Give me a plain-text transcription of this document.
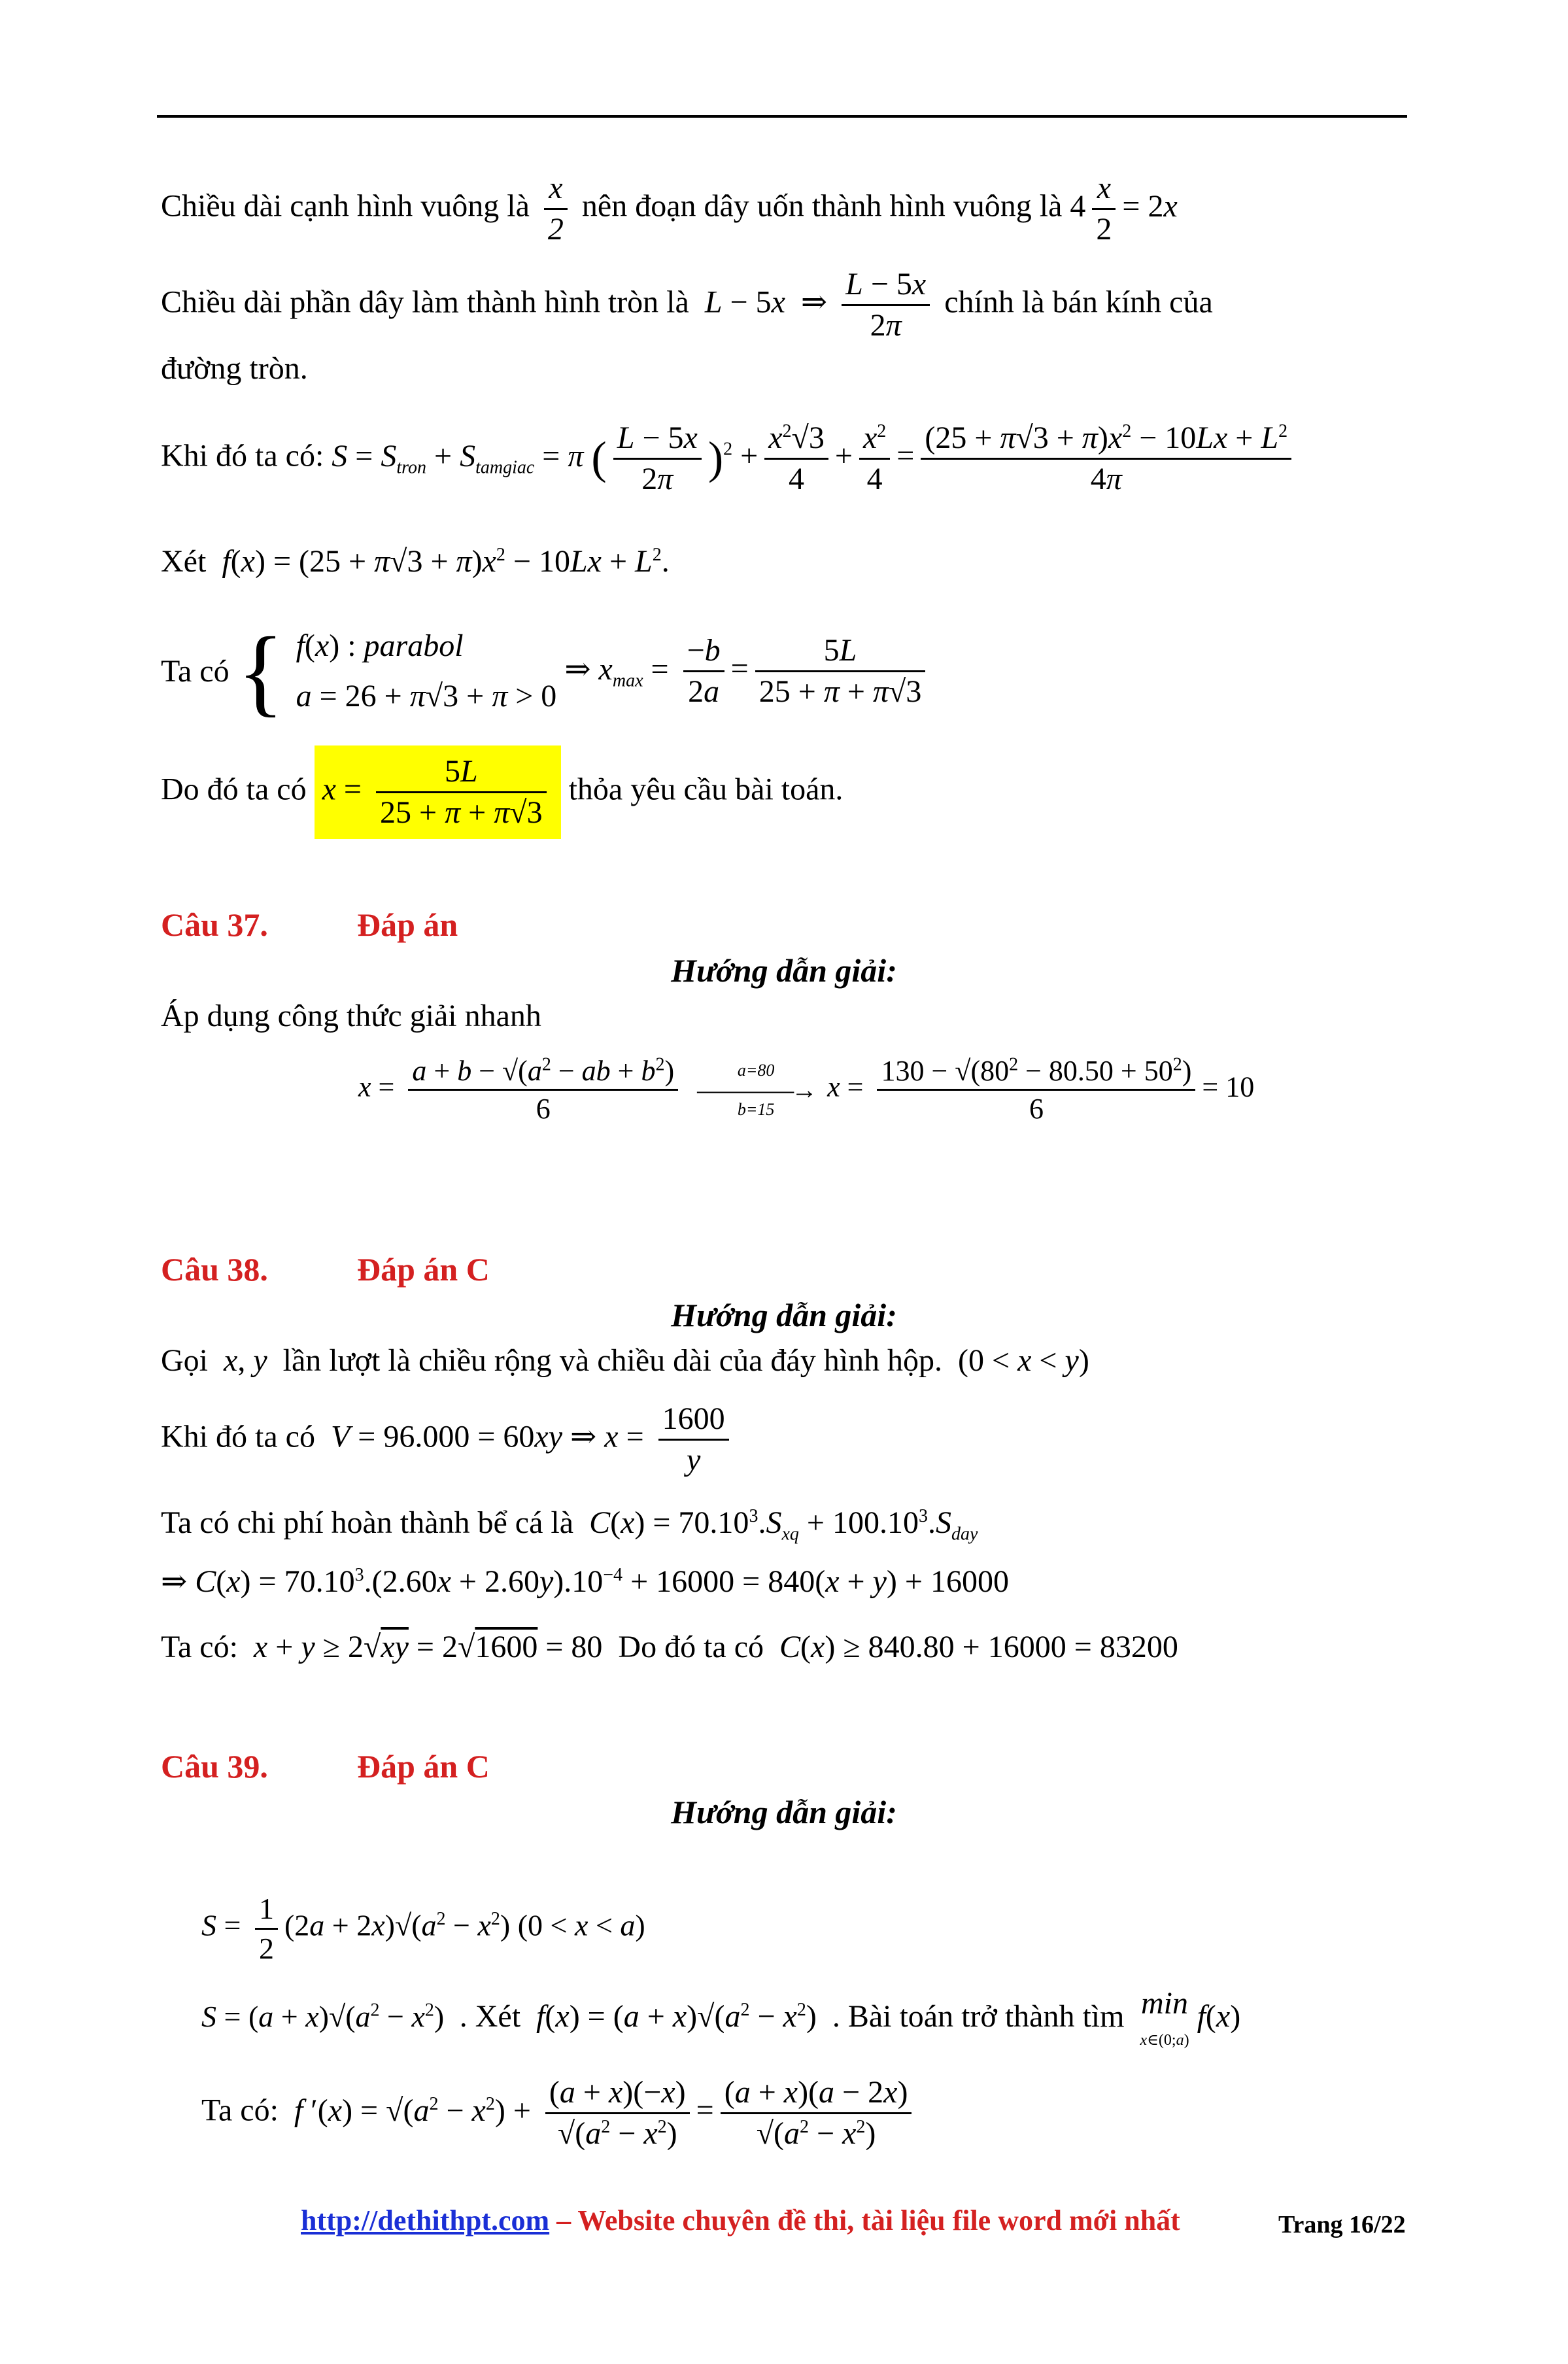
Chiều dài cạnh hình vuông là $\frac{x}{2}$ nên đoạn dây uốn thành hình vuông là $4 \frac{x}{2} = 2x$
Chiều dài phần dây làm thành hình tròn là L − 5x  ⇒ $\frac{L - 5x}{2\pi}$ chính là bán kính của
đường tròn.
Khi đó ta có: $S = S_{tron} + S_{tamgiac} = \pi$ ( $\frac{L - 5x}{2\pi} )^2 + \frac{x^2√3}{4} + \frac{x^2}{4} = \frac{(25 + \pi√3 + \pi)x^2 - 10Lx + L^2}{4\pi}$
Xét $f(x) = (25 + \pi√3 + \pi)x^2 - 10Lx + L^2$.
Ta có { f(x) : parabol
a = 26 + π√3 + π > 0
⇒ $x_{max} = \frac{-b}{2a} = \frac{5L}{25 + \pi + \pi√3}$
Do đó ta có $x = \frac{5L}{25 + \pi + \pi√3}$ thỏa yêu cầu bài toán.
Câu 37.	Đáp án
Hướng dẫn giải:
Áp dụng công thức giải nhanh
$x = \frac{a + b - √(a^2 - ab + b^2)}{6}$
	a=80
————→
b=15
$x = \frac{130 - √(80^2 - 80.50 + 50^2)}{6} = 10$
Câu 38.	Đáp án C
Hướng dẫn giải:
Gọi x, y lần lượt là chiều rộng và chiều dài của đáy hình hộp.  (0 < x < y)
Khi đó ta có V = 96.000 = 60xy ⇒ $x = \frac{1600}{y}$
Ta có chi phí hoàn thành bể cá là $C(x) = 70.10^3.S_{xq} + 100.10^3.S_{day}$
⇒ $C(x) = 70.10^3.(2.60x + 2.60y).10^{-4} + 16000 = 840(x + y) + 16000$
Ta có: x + y ≥ 2√xy = 2√1600 = 80  Do đó ta có C(x) ≥ 840.80 + 16000 = 83200
Câu 39.	Đáp án C
Hướng dẫn giải:
$S = \frac{1}{2} (2a + 2x)√(a^2 - x^2) (0 < x < a)$
$S = (a + x)√(a^2 - x^2)$  . Xét $f(x) = (a + x)√(a^2 - x^2)$  . Bài toán trở thành tìm min
x∈(0;a) f(x)
Ta có: f $'(x) = √(a^2 - x^2) + \frac{(a + x)(-x)}{√(a^2 - x^2)} = \frac{(a + x)(a - 2x)}{√(a^2 - x^2)}$
http://dethithpt.com – Website chuyên đề thi, tài liệu file word mới nhất	Trang 16/22
